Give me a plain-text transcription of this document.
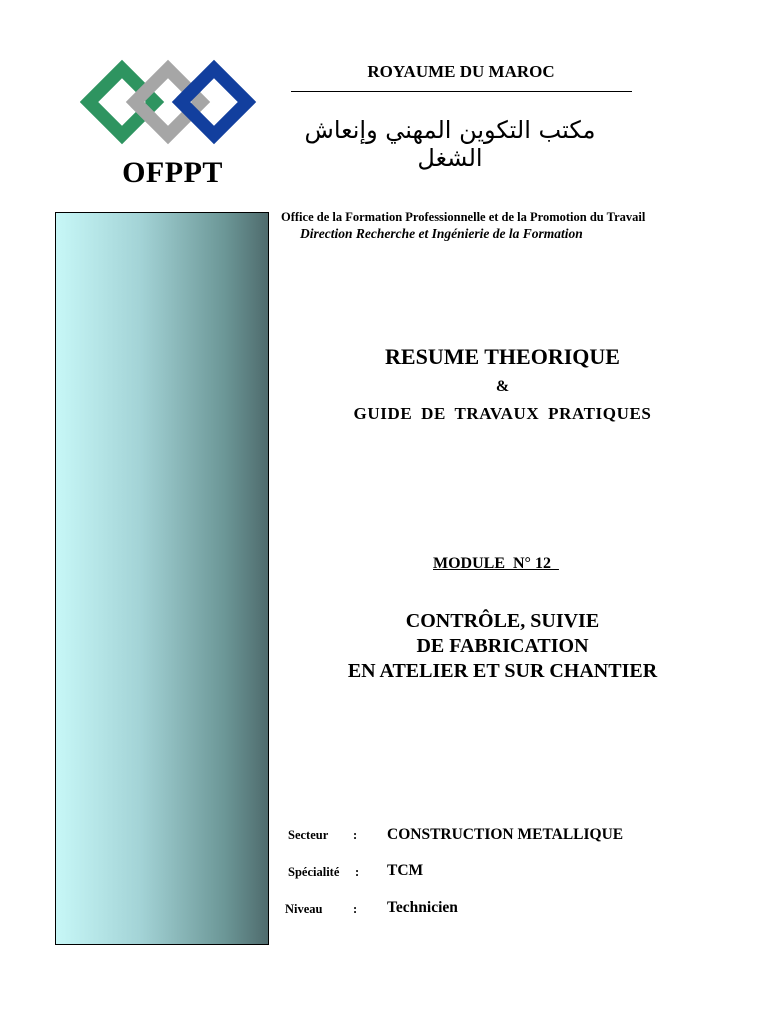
OFPPT
ROYAUME DU MAROC
مكتب التكوين المهني وإنعاش الشغل
Office de la Formation Professionnelle et de la Promotion du Travail
Direction Recherche et Ingénierie de la Formation
RESUME THEORIQUE
&
GUIDE DE TRAVAUX PRATIQUES
MODULE  N° 12
CONTRÔLE, SUIVIE
DE FABRICATION
EN ATELIER ET SUR CHANTIER
Secteur : CONSTRUCTION METALLIQUE
Spécialité : TCM
Niveau : Technicien
